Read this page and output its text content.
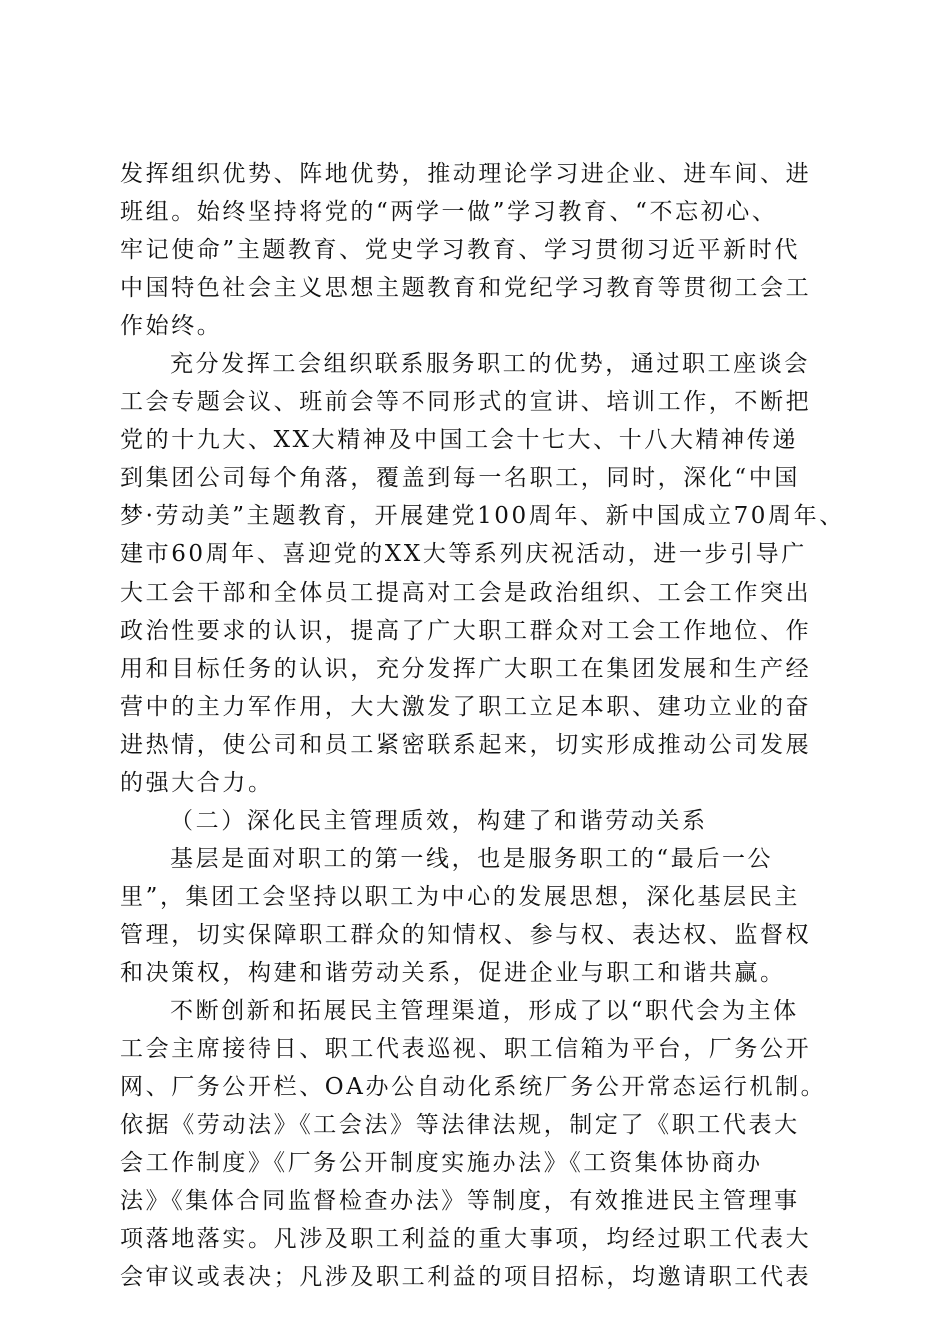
发挥组织优势、阵地优势，推动理论学习进企业、进车间、进
班组。始终坚持将党的“两学一做”学习教育、“不忘初心、
牢记使命”主题教育、党史学习教育、学习贯彻习近平新时代
中国特色社会主义思想主题教育和党纪学习教育等贯彻工会工
作始终。
充分发挥工会组织联系服务职工的优势，通过职工座谈会
工会专题会议、班前会等不同形式的宣讲、培训工作，不断把
党的十九大、XX大精神及中国工会十七大、十八大精神传递
到集团公司每个角落，覆盖到每一名职工，同时，深化“中国
梦·劳动美”主题教育，开展建党100周年、新中国成立70周年、
建市60周年、喜迎党的XX大等系列庆祝活动，进一步引导广
大工会干部和全体员工提高对工会是政治组织、工会工作突出
政治性要求的认识，提高了广大职工群众对工会工作地位、作
用和目标任务的认识，充分发挥广大职工在集团发展和生产经
营中的主力军作用，大大激发了职工立足本职、建功立业的奋
进热情，使公司和员工紧密联系起来，切实形成推动公司发展
的强大合力。
（二）深化民主管理质效，构建了和谐劳动关系
基层是面对职工的第一线，也是服务职工的“最后一公
里”，集团工会坚持以职工为中心的发展思想，深化基层民主
管理，切实保障职工群众的知情权、参与权、表达权、监督权
和决策权，构建和谐劳动关系，促进企业与职工和谐共赢。
不断创新和拓展民主管理渠道，形成了以“职代会为主体
工会主席接待日、职工代表巡视、职工信箱为平台，厂务公开
网、厂务公开栏、OA办公自动化系统厂务公开常态运行机制。
依据《劳动法》《工会法》等法律法规，制定了《职工代表大
会工作制度》《厂务公开制度实施办法》《工资集体协商办
法》《集体合同监督检查办法》等制度，有效推进民主管理事
项落地落实。凡涉及职工利益的重大事项，均经过职工代表大
会审议或表决；凡涉及职工利益的项目招标，均邀请职工代表
